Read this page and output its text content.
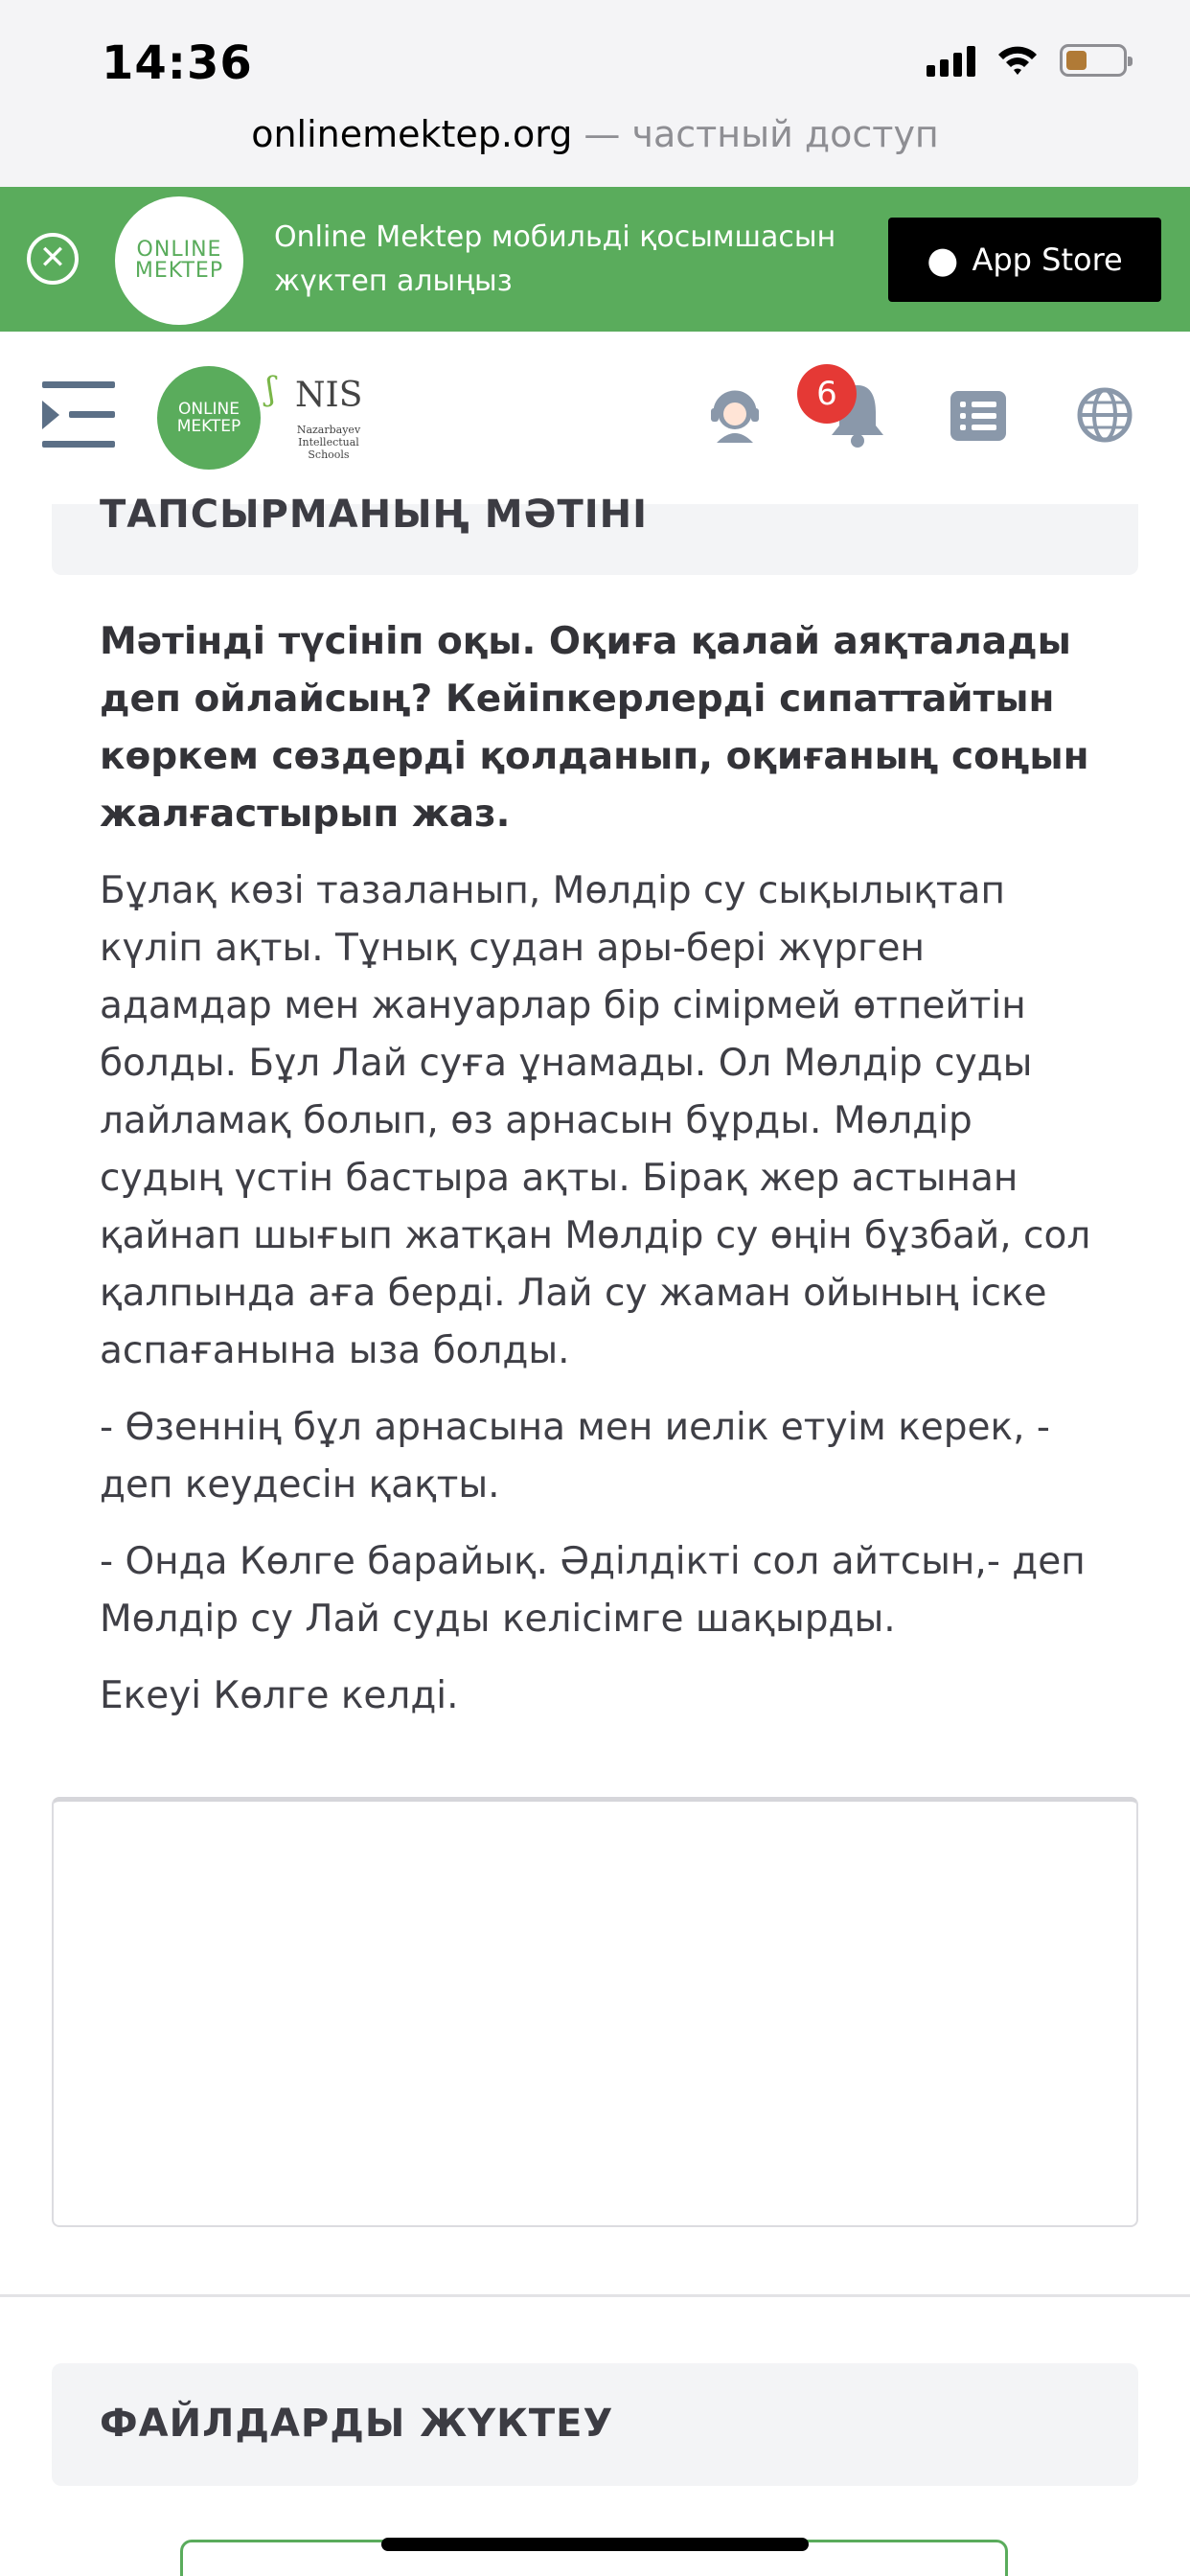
14:36
onlinemektep.org — частный доступ
✕	ONLINE
MEKTEP
Online Mektep мобильді қосымшасын жүктеп алыңыз
● App Store
ONLINE
MEKTEP
ʃ NIS
Nazarbayev Intellectual Schools
6
ТАПСЫРМАНЫҢ МӘТІНІ
Мәтінді түсініп оқы. Оқиға қалай аяқталады деп ойлайсың? Кейіпкерлерді сипаттайтын көркем сөздерді қолданып, оқиғаның соңын жалғастырып жаз.
Бұлақ көзі тазаланып, Мөлдір су сықылықтап күліп ақты. Тұнық судан ары-бері жүрген адамдар мен жануарлар бір сімірмей өтпейтін болды. Бұл Лай суға ұнамады. Ол Мөлдір суды лайламақ болып, өз арнасын бұрды. Мөлдір судың үстін бастыра ақты. Бірақ жер астынан қайнап шығып жатқан Мөлдір су өңін бұзбай, сол қалпында аға берді. Лай су жаман ойының іске аспағанына ыза болды.
- Өзеннің бұл арнасына мен иелік етуім керек, - деп кеудесін қақты.
- Онда Көлге барайық. Әділдікті сол айтсын,- деп Мөлдір су Лай суды келісімге шақырды.
Екеуі Көлге келді.
ФАЙЛДАРДЫ ЖҮКТЕУ
